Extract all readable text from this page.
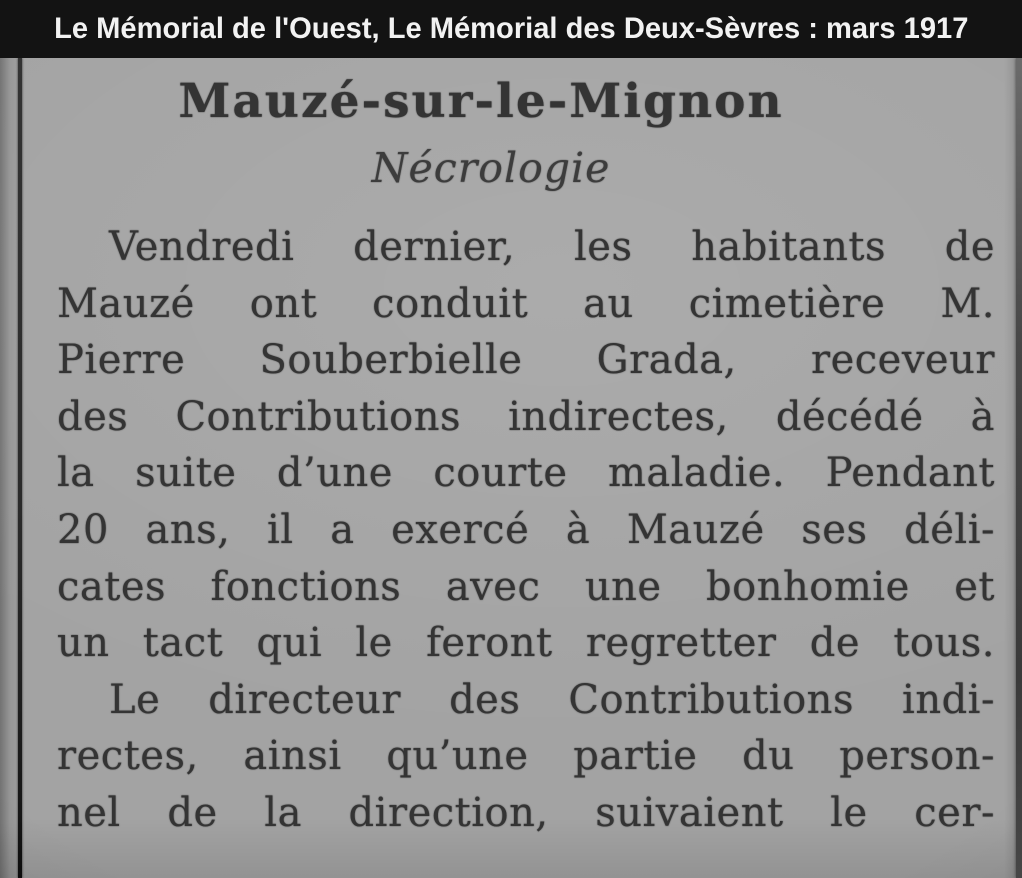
Le Mémorial de l'Ouest, Le Mémorial des Deux-Sèvres : mars 1917
Mauzé-sur-le-Mignon
Nécrologie
Vendredi dernier, les habitants de
Mauzé ont conduit au cimetière M.
Pierre Souberbielle Grada, receveur
des Contributions indirectes, décédé à
la suite d’une courte maladie. Pendant
20 ans, il a exercé à Mauzé ses déli-
cates fonctions avec une bonhomie et
un tact qui le feront regretter de tous.
Le directeur des Contributions indi-
rectes, ainsi qu’une partie du person-
nel de la direction, suivaient le cer-
